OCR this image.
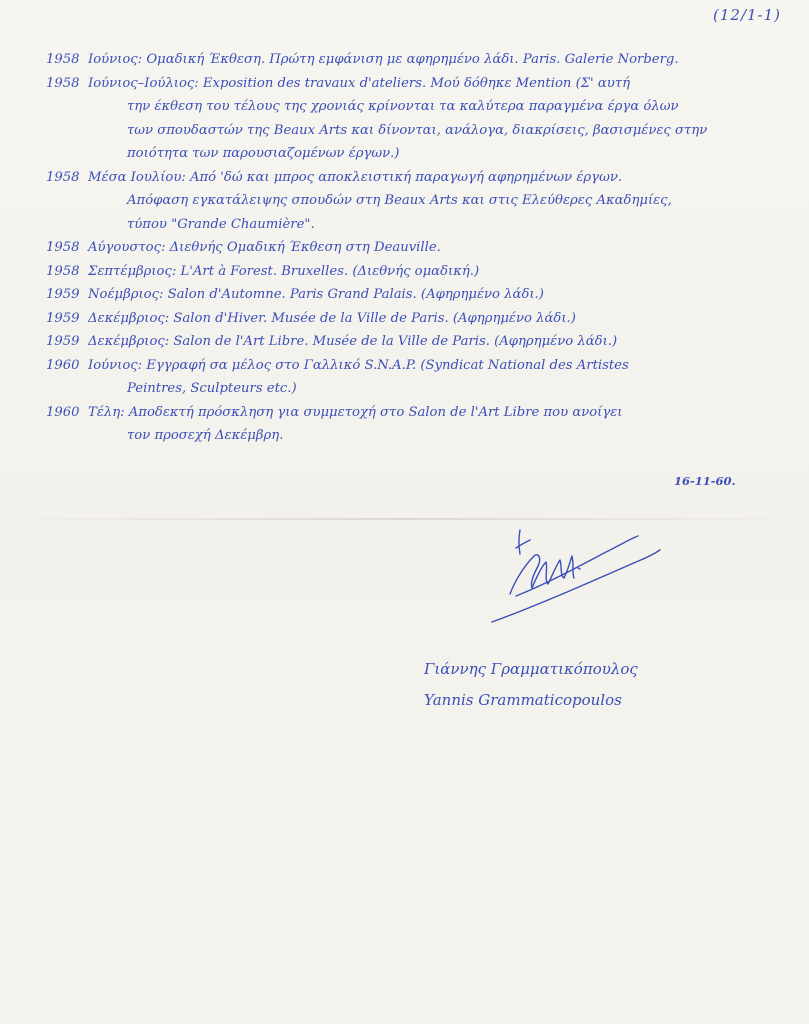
(12/1-1)
1958 Ιούνιος: Ομαδική Έκθεση. Πρώτη εμφάνιση με αφηρημένο λάδι. Paris. Galerie Norberg.
1958 Ιούνιος–Ιούλιος: Exposition des travaux d'ateliers. Μού δόθηκε Mention (Σ' αυτή
την έκθεση του τέλους της χρονιάς κρίνονται τα καλύτερα παραγμένα έργα όλων
των σπουδαστών της Beaux Arts και δίνονται, ανάλογα, διακρίσεις, βασισμένες στην
ποιότητα των παρουσιαζομένων έργων.)
1958 Μέσα Ιουλίου: Από 'δώ και μπρος αποκλειστική παραγωγή αφηρημένων έργων.
Απόφαση εγκατάλειψης σπουδών στη Beaux Arts και στις Ελεύθερες Ακαδημίες,
τύπου "Grande Chaumière".
1958 Αύγουστος: Διεθνής Ομαδική Έκθεση στη Deauville.
1958 Σεπτέμβριος: L'Art à Forest. Bruxelles. (Διεθνής ομαδική.)
1959 Νοέμβριος: Salon d'Automne. Paris Grand Palais. (Αφηρημένο λάδι.)
1959 Δεκέμβριος: Salon d'Hiver. Musée de la Ville de Paris. (Αφηρημένο λάδι.)
1959 Δεκέμβριος: Salon de l'Art Libre. Musée de la Ville de Paris. (Αφηρημένο λάδι.)
1960 Ιούνιος: Εγγραφή σα μέλος στο Γαλλικό S.N.A.P. (Syndicat National des Artistes
Peintres, Sculpteurs etc.)
1960 Τέλη: Αποδεκτή πρόσκληση για συμμετοχή στο Salon de l'Art Libre που ανοίγει
τον προσεχή Δεκέμβρη.
16-11-60.
Γιάννης Γραμματικόπουλος
Yannis Grammaticopoulos
